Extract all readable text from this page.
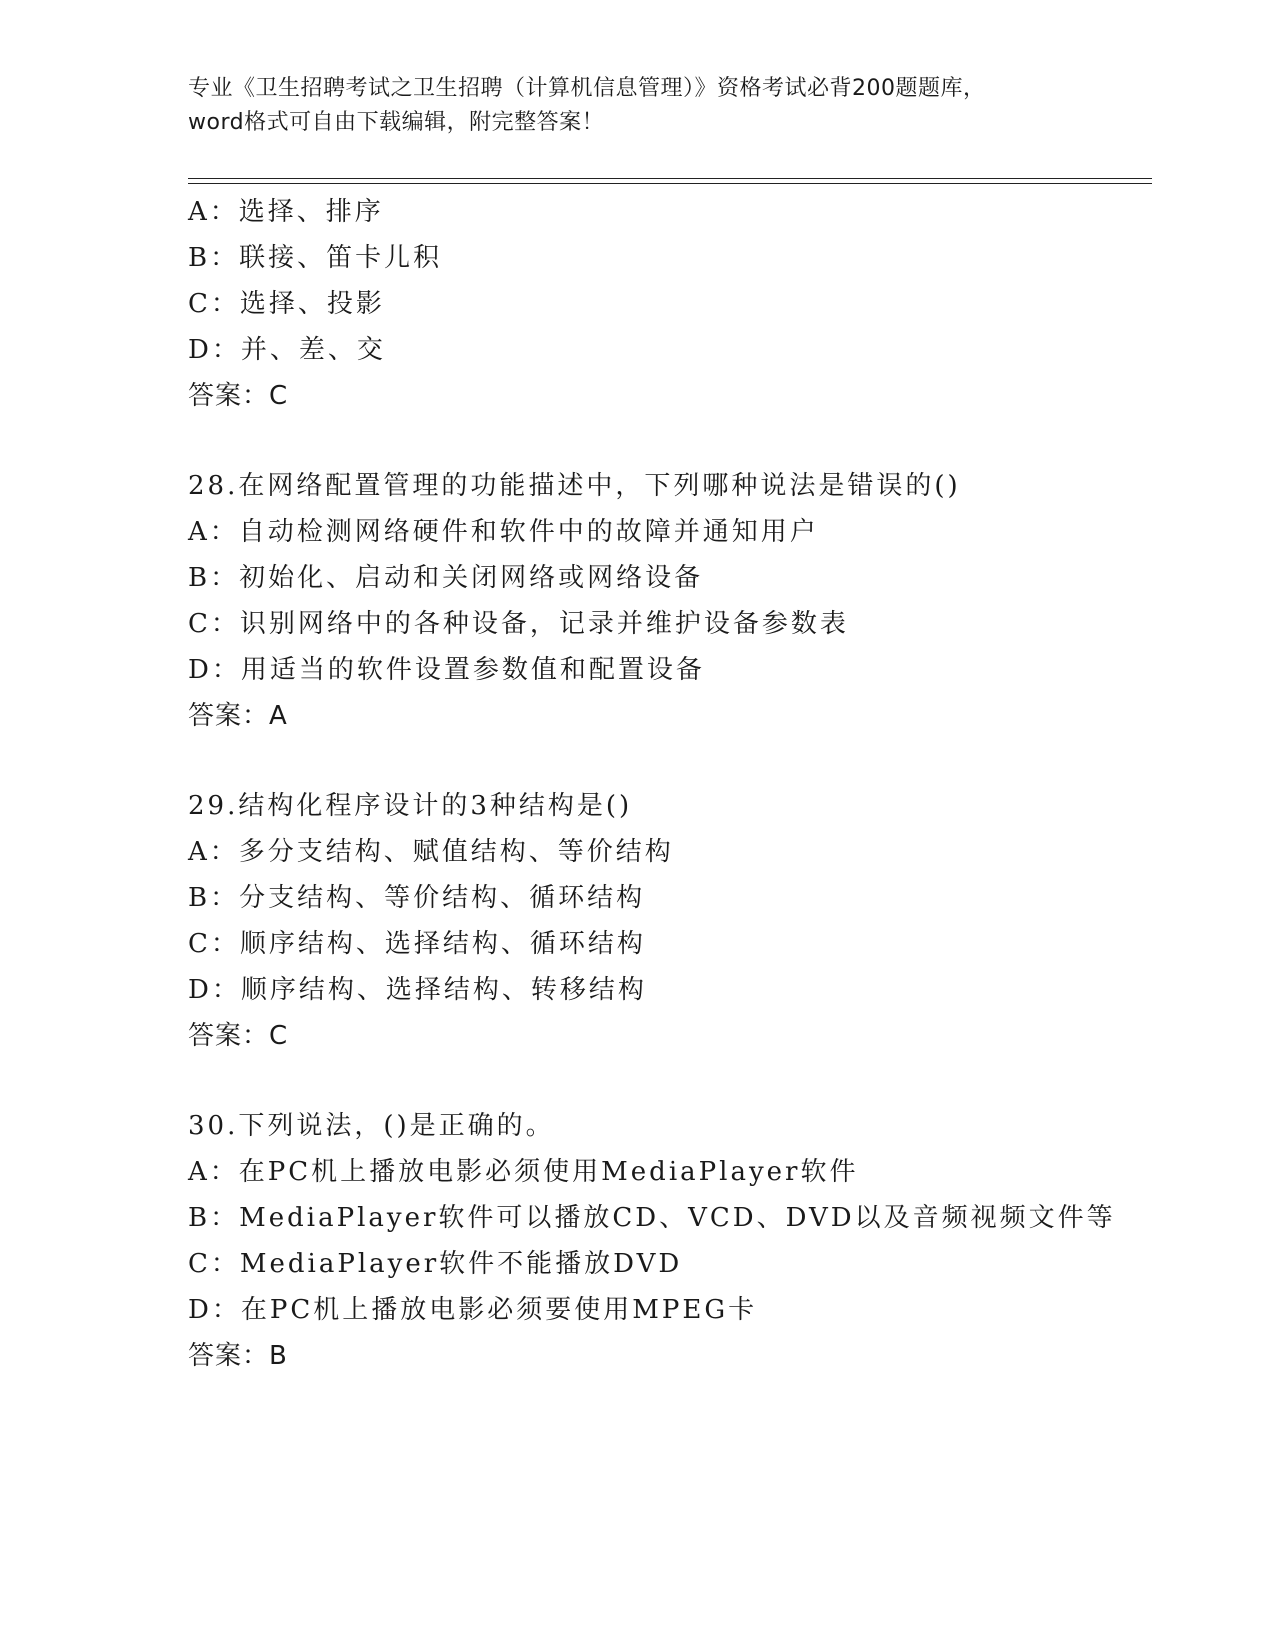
专业《卫生招聘考试之卫生招聘（计算机信息管理）》资格考试必背200题题库，
word格式可自由下载编辑，附完整答案！
A：选择、排序
B：联接、笛卡儿积
C：选择、投影
D：并、差、交
答案：C
28.在网络配置管理的功能描述中，下列哪种说法是错误的()
A：自动检测网络硬件和软件中的故障并通知用户
B：初始化、启动和关闭网络或网络设备
C：识别网络中的各种设备，记录并维护设备参数表
D：用适当的软件设置参数值和配置设备
答案：A
29.结构化程序设计的3种结构是()
A：多分支结构、赋值结构、等价结构
B：分支结构、等价结构、循环结构
C：顺序结构、选择结构、循环结构
D：顺序结构、选择结构、转移结构
答案：C
30.下列说法，()是正确的。
A：在PC机上播放电影必须使用MediaPlayer软件
B：MediaPlayer软件可以播放CD、VCD、DVD以及音频视频文件等
C：MediaPlayer软件不能播放DVD
D：在PC机上播放电影必须要使用MPEG卡
答案：B
